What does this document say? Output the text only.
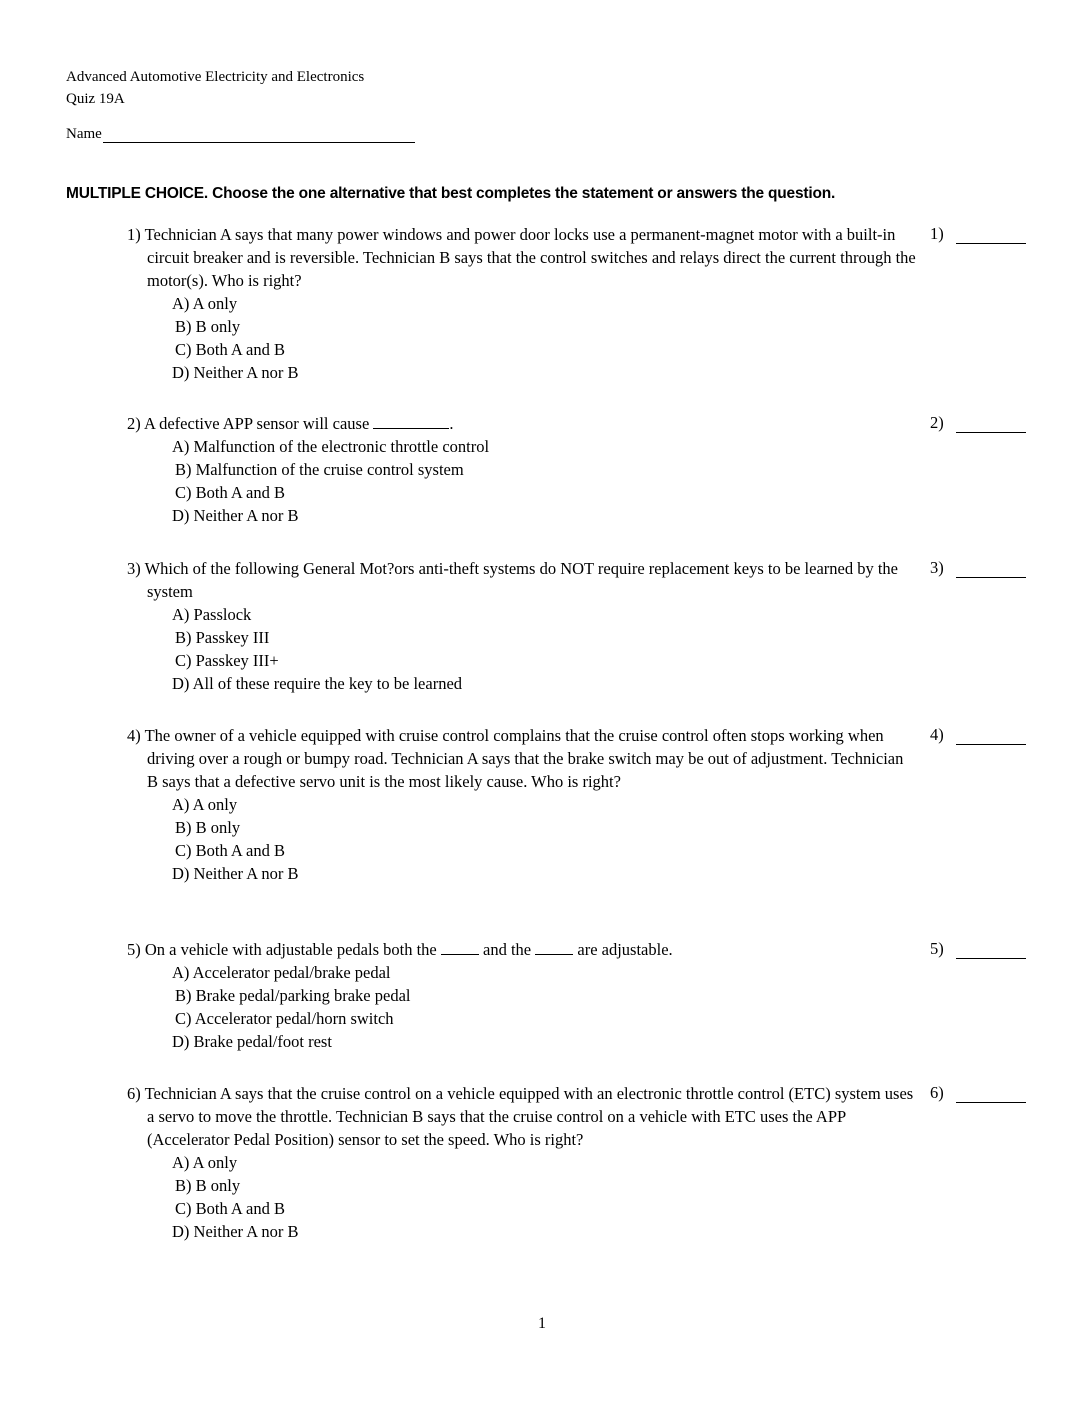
Advanced Automotive Electricity and Electronics
Quiz 19A
Name
MULTIPLE CHOICE. Choose the one alternative that best completes the statement or answers the question.
1) Technician A says that many power windows and power door locks use a permanent-magnet motor with a built-in circuit breaker and is reversible. Technician B says that the control switches and relays direct the current through the motor(s). Who is right?
A) A only
B) B only
C) Both A and B
D) Neither A nor B
1)
2) A defective APP sensor will cause	.
A) Malfunction of the electronic throttle control
B) Malfunction of the cruise control system
C) Both A and B
D) Neither A nor B
2)
3) Which of the following General Mot?ors anti-theft systems do NOT require replacement keys to be learned by the system
A) Passlock
B) Passkey III
C) Passkey III+
D) All of these require the key to be learned
3)
4) The owner of a vehicle equipped with cruise control complains that the cruise control often stops working when driving over a rough or bumpy road. Technician A says that the brake switch may be out of adjustment. Technician B says that a defective servo unit is the most likely cause. Who is right?
A) A only
B) B only
C) Both A and B
D) Neither A nor B
4)
5) On a vehicle with adjustable pedals both the  and the  are adjustable.
A) Accelerator pedal/brake pedal
B) Brake pedal/parking brake pedal
C) Accelerator pedal/horn switch
D) Brake pedal/foot rest
5)
6) Technician A says that the cruise control on a vehicle equipped with an electronic throttle control (ETC) system uses a servo to move the throttle. Technician B says that the cruise control on a vehicle with ETC uses the APP (Accelerator Pedal Position) sensor to set the speed. Who is right?
A) A only
B) B only
C) Both A and B
D) Neither A nor B
6)
1
